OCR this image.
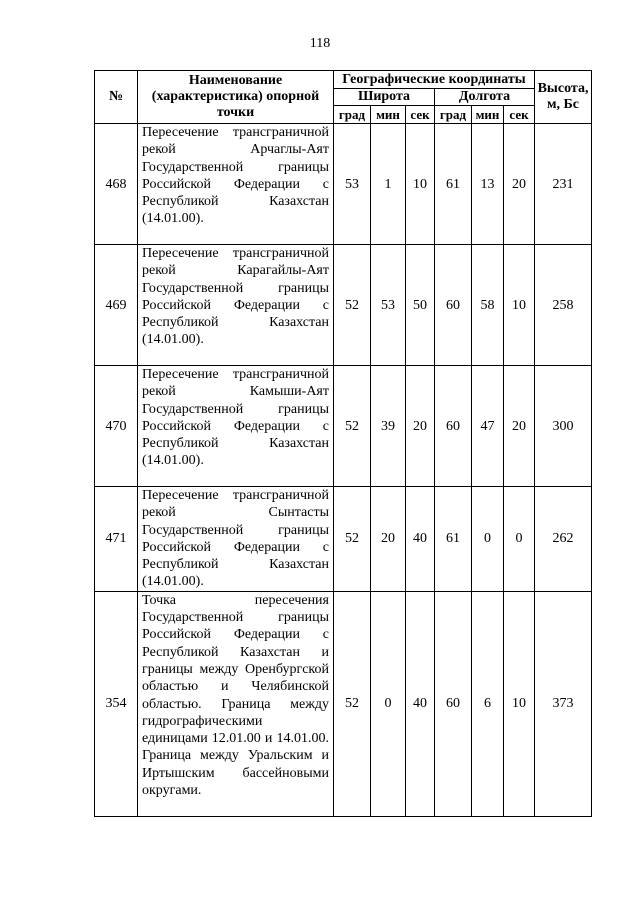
118
№	Наименование (характеристика) опорной точки	Географические координаты						Высота, м, Бс
		Широта			Долгота			
		град	мин	сек	град	мин	сек	
468	Пересечение трансграничной рекой Арчаглы-Аят Государственной границы Российской Федерации с Республикой Казахстан (14.01.00).	53	1	10	61	13	20	231
469	Пересечение трансграничной рекой Карагайлы-Аят Государственной границы Российской Федерации с Республикой Казахстан (14.01.00).	52	53	50	60	58	10	258
470	Пересечение трансграничной рекой Камыши-Аят Государственной границы Российской Федерации с Республикой Казахстан (14.01.00).	52	39	20	60	47	20	300
471	Пересечение трансграничной рекой Сынтасты Государственной границы Российской Федерации с Республикой Казахстан (14.01.00).	52	20	40	61	0	0	262
354	Точка пересечения Государственной границы Российской Федерации с Республикой Казахстан и границы между Оренбургской областью и Челябинской областью. Граница между гидрографическими единицами 12.01.00 и 14.01.00. Граница между Уральским и Иртышским бассейновыми округами.	52	0	40	60	6	10	373
